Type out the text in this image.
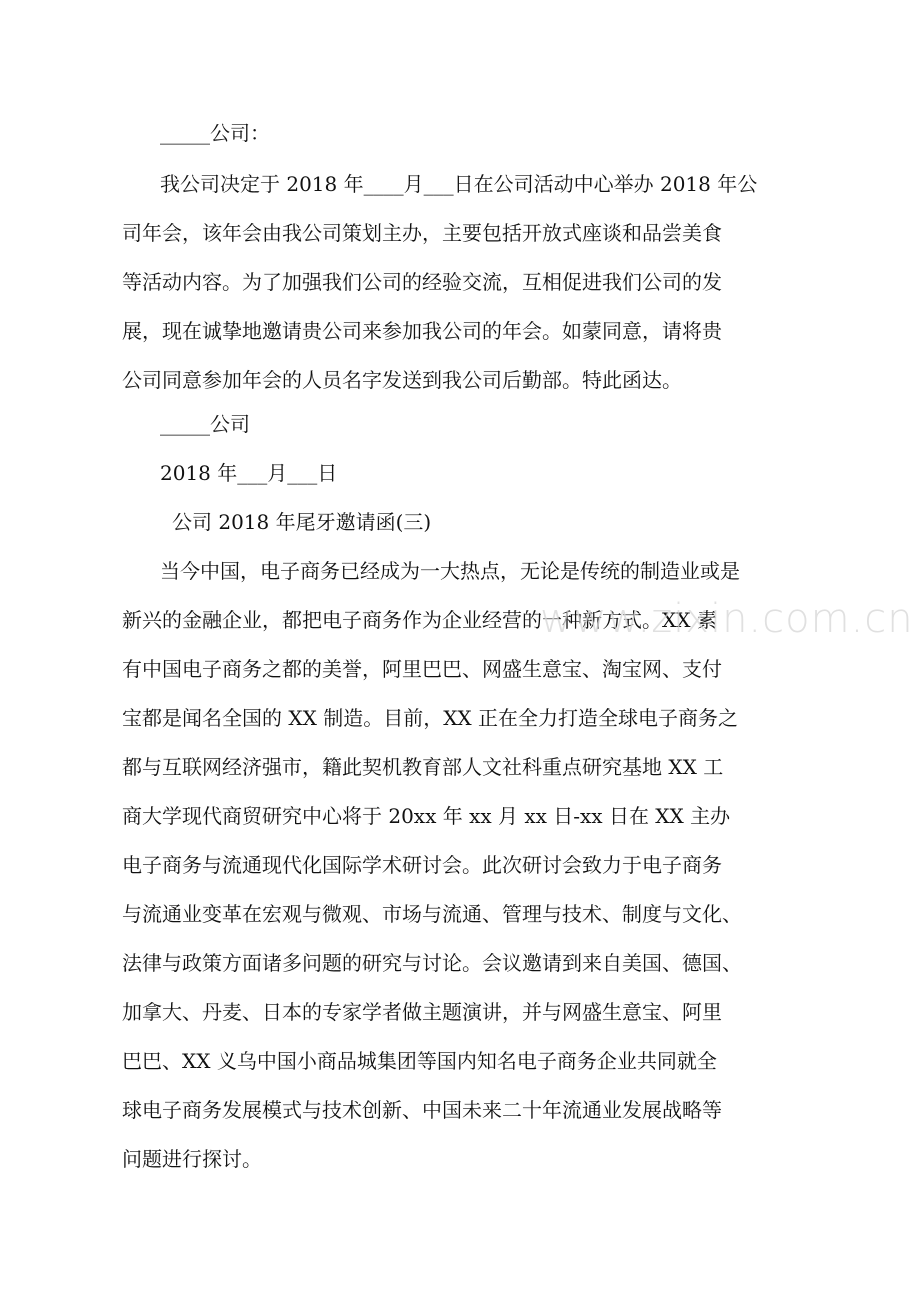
_____公司：
我公司决定于 2018 年____月___日在公司活动中心举办 2018 年公
司年会，该年会由我公司策划主办，主要包括开放式座谈和品尝美食
等活动内容。为了加强我们公司的经验交流，互相促进我们公司的发
展，现在诚挚地邀请贵公司来参加我公司的年会。如蒙同意，请将贵
公司同意参加年会的人员名字发送到我公司后勤部。特此函达。
_____公司
2018 年___月___日
公司 2018 年尾牙邀请函(三)
当今中国，电子商务已经成为一大热点，无论是传统的制造业或是
新兴的金融企业，都把电子商务作为企业经营的一种新方式。XX 素
有中国电子商务之都的美誉，阿里巴巴、网盛生意宝、淘宝网、支付
宝都是闻名全国的 XX 制造。目前，XX 正在全力打造全球电子商务之
都与互联网经济强市，籍此契机教育部人文社科重点研究基地 XX 工
商大学现代商贸研究中心将于 20xx 年 xx 月 xx 日-xx 日在 XX 主办
电子商务与流通现代化国际学术研讨会。此次研讨会致力于电子商务
与流通业变革在宏观与微观、市场与流通、管理与技术、制度与文化、
法律与政策方面诸多问题的研究与讨论。会议邀请到来自美国、德国、
加拿大、丹麦、日本的专家学者做主题演讲，并与网盛生意宝、阿里
巴巴、XX 义乌中国小商品城集团等国内知名电子商务企业共同就全
球电子商务发展模式与技术创新、中国未来二十年流通业发展战略等
问题进行探讨。
www.zixin.com.cn
